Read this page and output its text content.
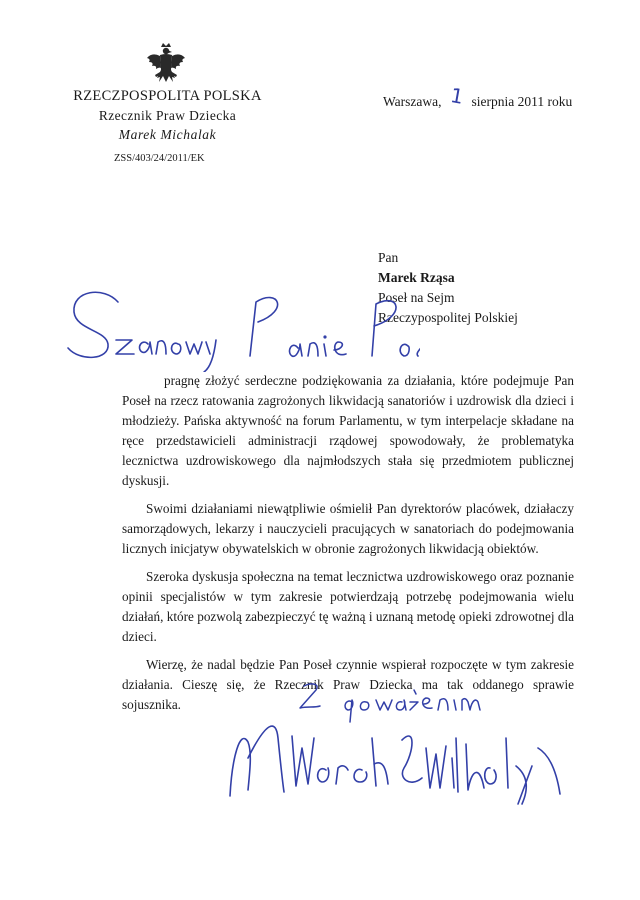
RZECZPOSPOLITA POLSKA
Rzecznik Praw Dziecka
Marek Michalak
ZSS/403/24/2011/EK
Warszawa, 1 sierpnia 2011 roku
Pan
Marek Rząsa
Poseł na Sejm
Rzeczypospolitej Polskiej

pragnę złożyć serdeczne podziękowania za działania, które podejmuje Pan Poseł na rzecz ratowania zagrożonych likwidacją sanatoriów i uzdrowisk dla dzieci i młodzieży. Pańska aktywność na forum Parlamentu, w tym interpelacje składane na ręce przedstawicieli administracji rządowej spowodowały, że problematyka lecznictwa uzdrowiskowego dla najmłodszych stała się przedmiotem publicznej dyskusji.

Swoimi działaniami niewątpliwie ośmielił Pan dyrektorów placówek, działaczy samorządowych, lekarzy i nauczycieli pracujących w sanatoriach do podejmowania licznych inicjatyw obywatelskich w obronie zagrożonych likwidacją obiektów.

Szeroka dyskusja społeczna na temat lecznictwa uzdrowiskowego oraz poznanie opinii specjalistów w tym zakresie potwierdzają potrzebę podejmowania wielu działań, które pozwolą zabezpieczyć tę ważną i uznaną metodę opieki zdrowotnej dla dzieci.

Wierzę, że nadal będzie Pan Poseł czynnie wspierał rozpoczęte w tym zakresie działania. Cieszę się, że Rzecznik Praw Dziecka ma tak oddanego sprawie sojusznika.
